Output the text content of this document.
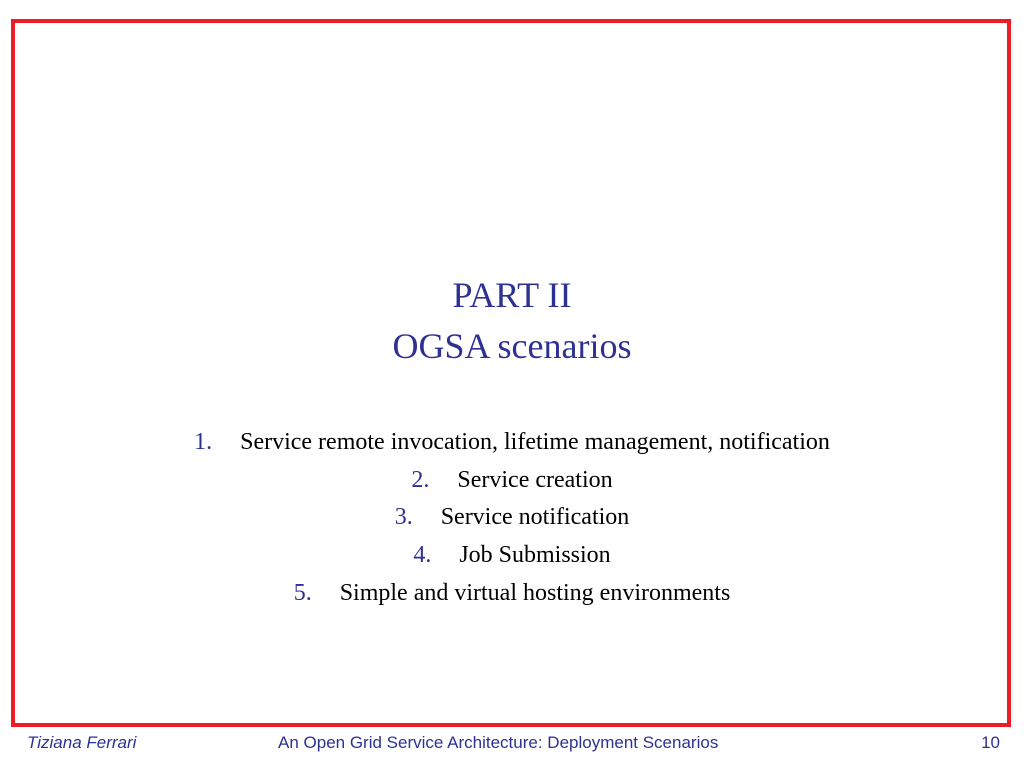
PART II
OGSA scenarios
1. Service remote invocation, lifetime management, notification
2. Service creation
3. Service notification
4. Job Submission
5. Simple and virtual hosting environments
Tiziana Ferrari	An Open Grid Service Architecture: Deployment Scenarios	10
